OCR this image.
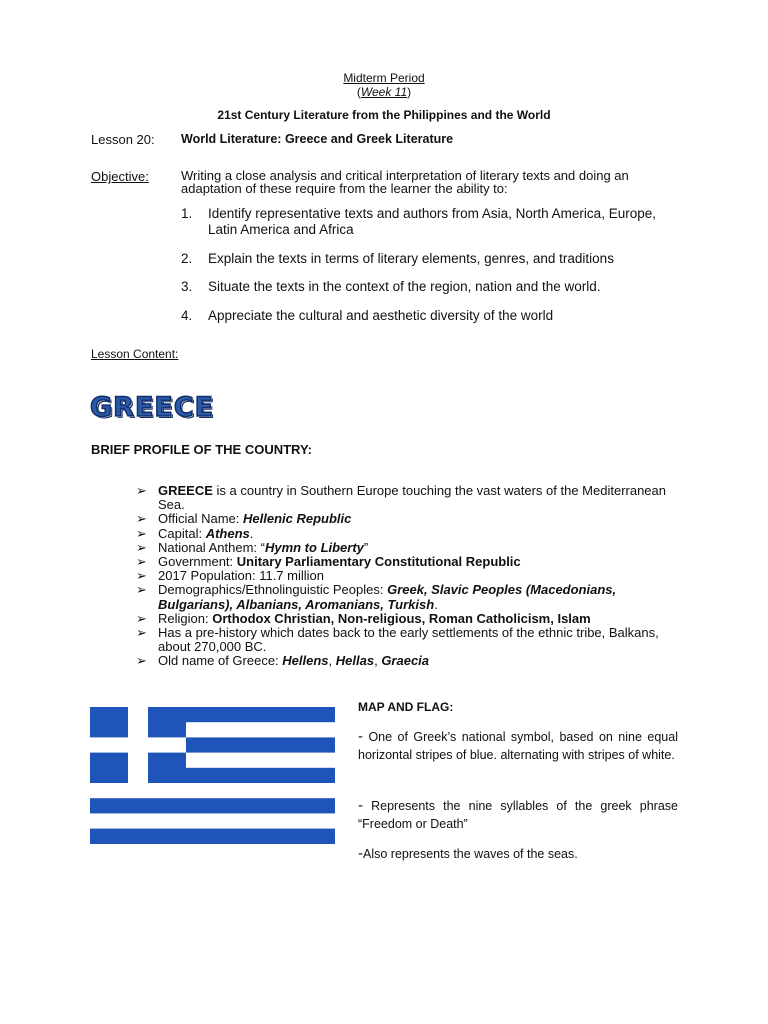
Midterm Period
(Week 11)
21st Century Literature from the Philippines and the World
Lesson 20: World Literature: Greece and Greek Literature
Objective: Writing a close analysis and critical interpretation of literary texts and doing an adaptation of these require from the learner the ability to:
1. Identify representative texts and authors from Asia, North America, Europe, Latin America and Africa
2. Explain the texts in terms of literary elements, genres, and traditions
3. Situate the texts in the context of the region, nation and the world.
4. Appreciate the cultural and aesthetic diversity of the world
Lesson Content:
GREECE
BRIEF PROFILE OF THE COUNTRY:
➢ GREECE is a country in Southern Europe touching the vast waters of the Mediterranean Sea.
➢ Official Name: Hellenic Republic
➢ Capital: Athens.
➢ National Anthem: “Hymn to Liberty”
➢ Government: Unitary Parliamentary Constitutional Republic
➢ 2017 Population: 11.7 million
➢ Demographics/Ethnolinguistic Peoples: Greek, Slavic Peoples (Macedonians, Bulgarians), Albanians, Aromanians, Turkish.
➢ Religion: Orthodox Christian, Non-religious, Roman Catholicism, Islam
➢ Has a pre-history which dates back to the early settlements of the ethnic tribe, Balkans, about 270,000 BC.
➢ Old name of Greece: Hellens, Hellas, Graecia
MAP AND FLAG:
- One of Greek’s national symbol, based on nine equal horizontal stripes of blue. alternating with stripes of white.
- Represents the nine syllables of the greek phrase “Freedom or Death”
-Also represents the waves of the seas.
